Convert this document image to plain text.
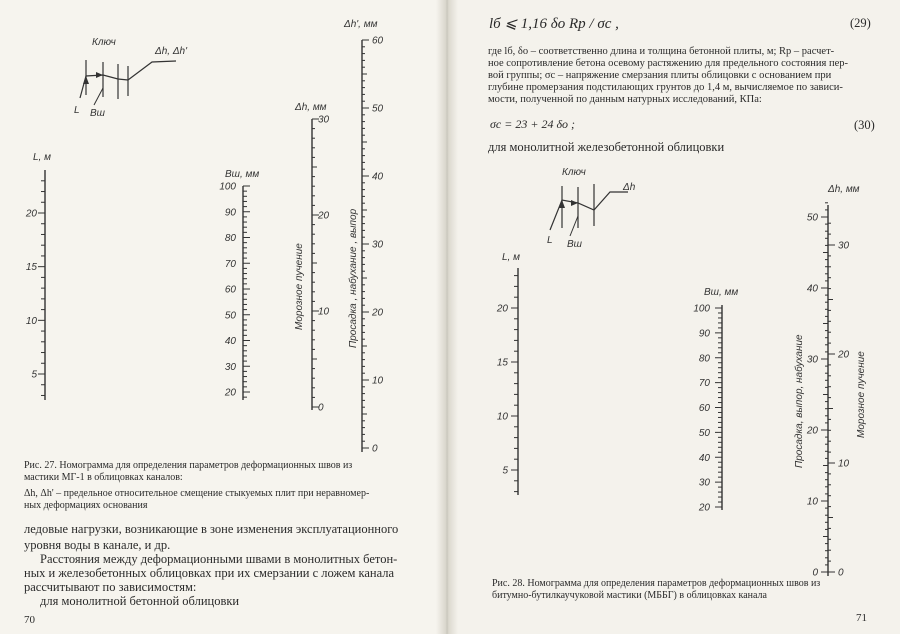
Ключ
Δh, Δh'
L Bш
L, м
Bш, мм
Δh, мм
Δh', мм
Морозное пучение	Просадка , набухание , выпор
20
15
10
5
100
90
80
70
60
50
40
30
20
30
20
10
0
60
50
40
30
20
10
0
Рис. 27. Номограмма для определения параметров деформационных швов из
мастики МГ-1 в облицовках каналов:
Δh, Δh' – предельное относительное смещение стыкуемых плит при неравномер-
ных деформациях основания
ледовые нагрузки, возникающие в зоне изменения эксплуатационного
уровня воды в канале, и др.
Расстояния между деформационными швами в монолитных бетон-
ных и железобетонных облицовках при их смерзании с ложем канала
рассчитывают по зависимостям:
для монолитной бетонной облицовки
70
lб ⩽ 1,16 δо Rр / σс ,	(29)
где lб, δо – соответственно длина и толщина бетонной плиты, м; Rр – расчет-
ное сопротивление бетона осевому растяжению для предельного состояния пер-
вой группы; σс – напряжение смерзания плиты облицовки с основанием при
глубине промерзания подстилающих грунтов до 1,4 м, вычисляемое по зависи-
мости, полученной по данным натурных исследований, КПа:
σс = 23 + 24 δо ;	(30)
для монолитной железобетонной облицовки
Ключ
Δh
L Bш
L, м
Bш, мм
Δh, мм
Просадка, выпор, набухание	Морозное пучение
20
15
10
5
100
90
80
70
60
50
40
30
20
50
40
30
20
10
0
30
20
10
0
Рис. 28. Номограмма для определения параметров деформационных швов из
битумно-бутилкаучуковой мастики (МББГ) в облицовках канала
71
